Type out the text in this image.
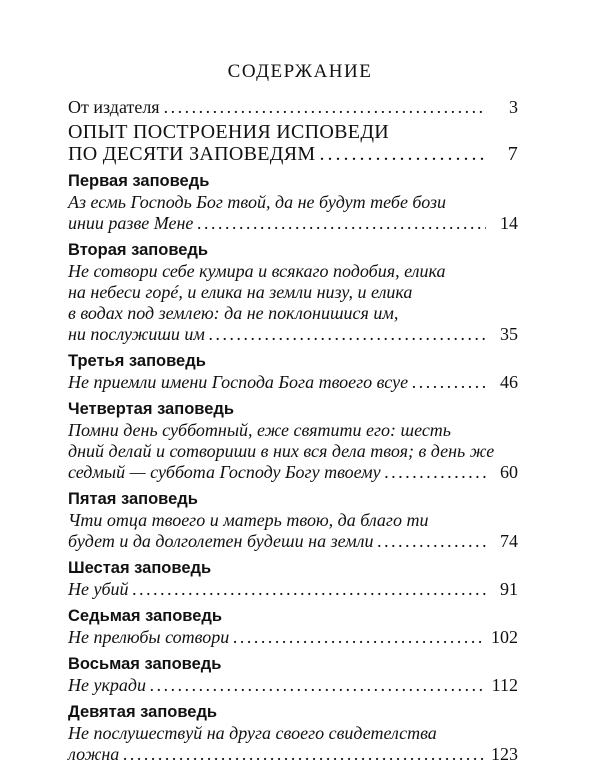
СОДЕРЖАНИЕ
От издателя . . .	3
ОПЫТ ПОСТРОЕНИЯ ИСПОВЕДИ
ПО ДЕСЯТИ ЗАПОВЕДЯМ . . .	7
Первая заповедь
Аз есмь Господь Бог твой, да не будут тебе бози
инии разве Мене . . .	14
Вторая заповедь
Не сотвори себе кумира и всякаго подобия, елика
на небеси горé, и елика на земли низу, и елика
в водах под землею: да не поклонишися им,
ни послужиши им . . .	35
Третья заповедь
Не приемли имени Господа Бога твоего всуе . . .	46
Четвертая заповедь
Помни день субботный, еже святити его: шесть
дний делай и сотвориши в них вся дела твоя; в день же
седмый — суббота Господу Богу твоему . . .	60
Пятая заповедь
Чти отца твоего и матерь твою, да благо ти
будет и да долголетен будеши на земли . . .	74
Шестая заповедь
Не убий . . .	91
Седьмая заповедь
Не прелюбы сотвори . . .	102
Восьмая заповедь
Не укради . . .	112
Девятая заповедь
Не послушествуй на друга своего свидетелства
ложна . . .	123
